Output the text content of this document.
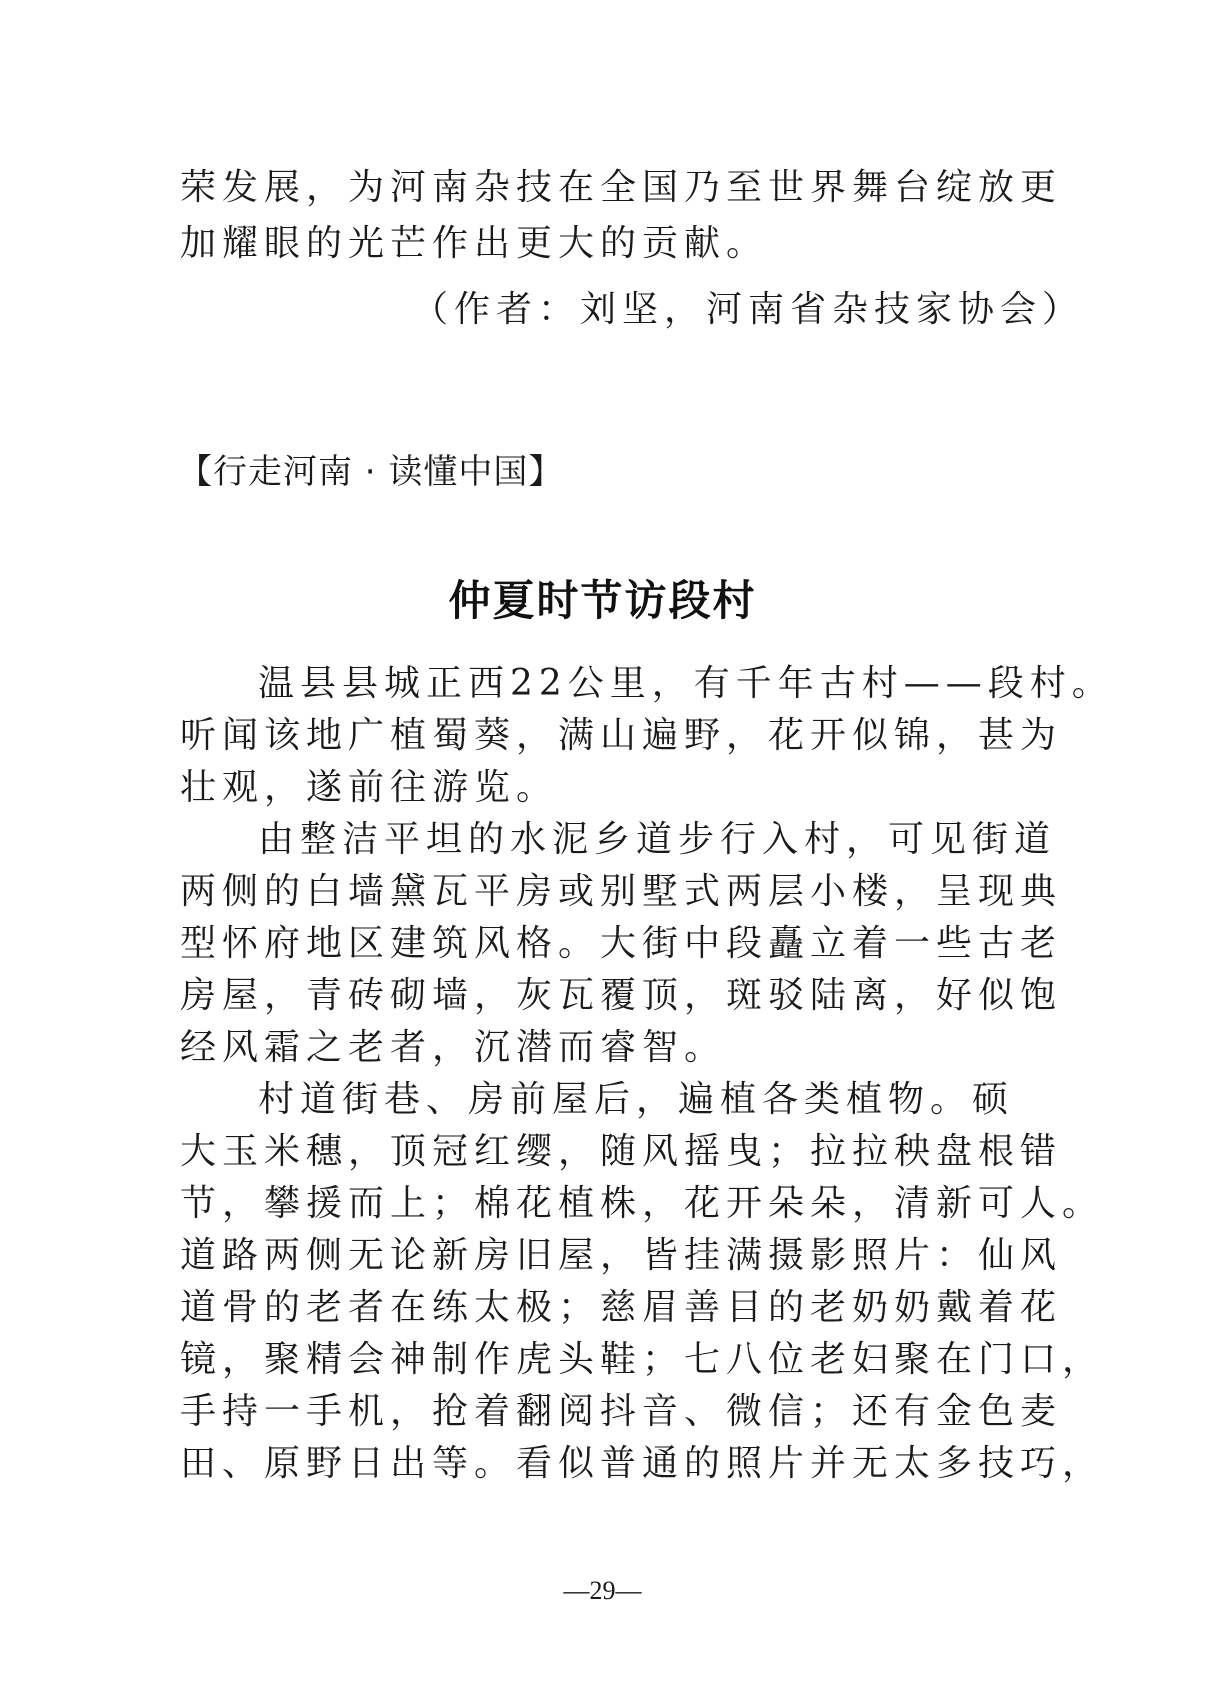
荣发展，为河南杂技在全国乃至世界舞台绽放更
加耀眼的光芒作出更大的贡献。
（作者：刘坚，河南省杂技家协会）
【行走河南 · 读懂中国】
仲夏时节访段村
温县县城正西22公里，有千年古村——段村。
听闻该地广植蜀葵，满山遍野，花开似锦，甚为
壮观，遂前往游览。
由整洁平坦的水泥乡道步行入村，可见街道
两侧的白墙黛瓦平房或别墅式两层小楼，呈现典
型怀府地区建筑风格。大街中段矗立着一些古老
房屋，青砖砌墙，灰瓦覆顶，斑驳陆离，好似饱
经风霜之老者，沉潜而睿智。
村道街巷、房前屋后，遍植各类植物。硕
大玉米穗，顶冠红缨，随风摇曳；拉拉秧盘根错
节，攀援而上；棉花植株，花开朵朵，清新可人。
道路两侧无论新房旧屋，皆挂满摄影照片：仙风
道骨的老者在练太极；慈眉善目的老奶奶戴着花
镜，聚精会神制作虎头鞋；七八位老妇聚在门口，
手持一手机，抢着翻阅抖音、微信；还有金色麦
田、原野日出等。看似普通的照片并无太多技巧，
—29—
